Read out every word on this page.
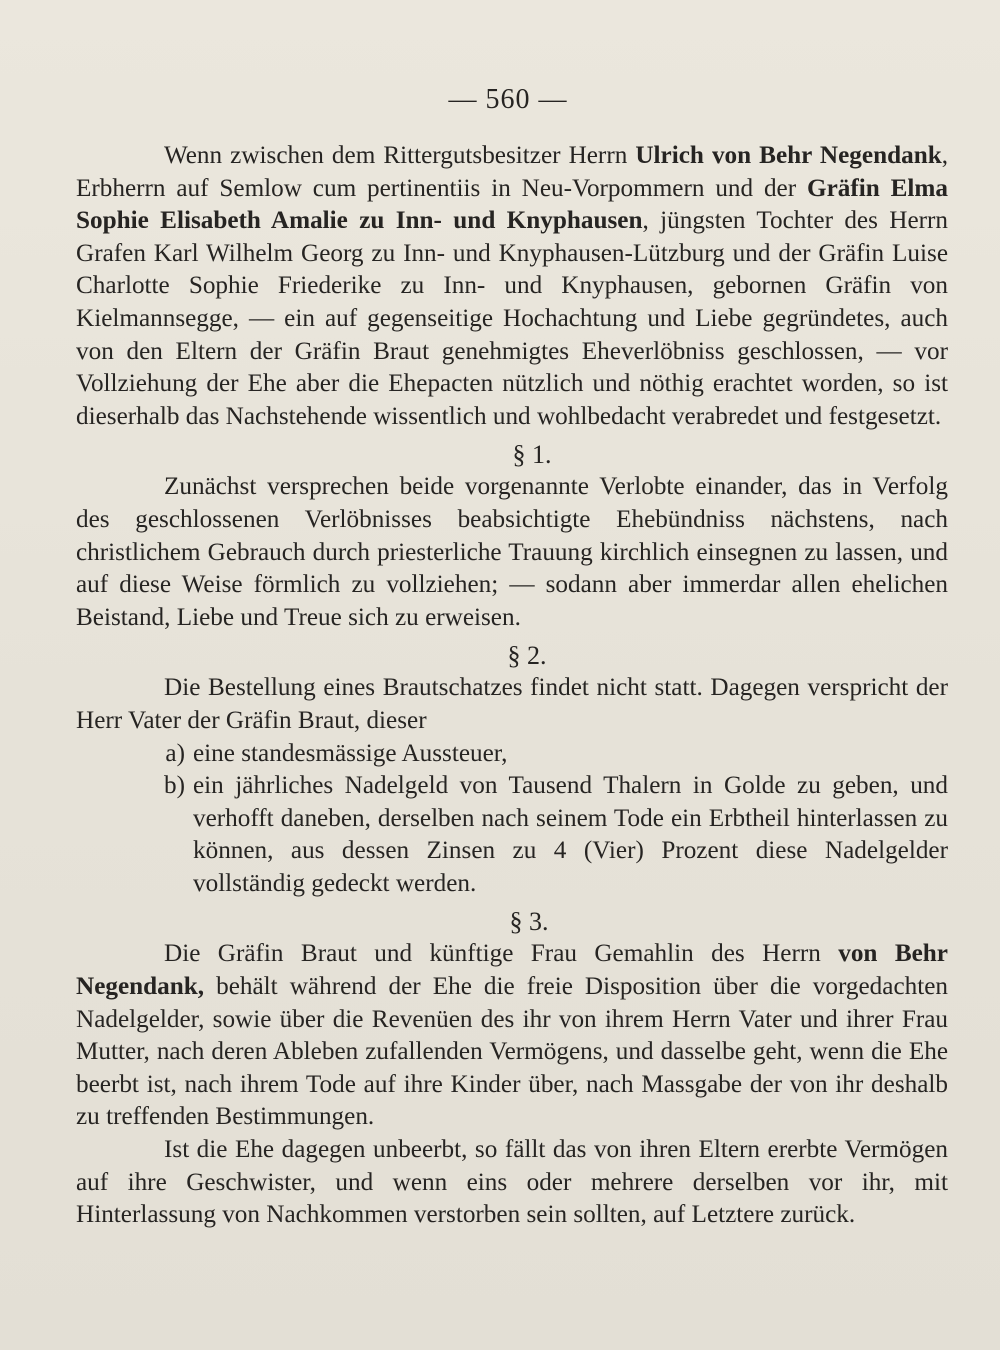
— 560 —

Wenn zwischen dem Rittergutsbesitzer Herrn Ulrich von Behr Negendank, Erbherrn auf Semlow cum pertinentiis in Neu-Vorpommern und der Gräfin Elma Sophie Elisabeth Amalie zu Inn- und Knyphausen, jüngsten Tochter des Herrn Grafen Karl Wilhelm Georg zu Inn- und Knyphausen-Lützburg und der Gräfin Luise Charlotte Sophie Friederike zu Inn- und Knyphausen, gebornen Gräfin von Kielmannsegge, — ein auf gegenseitige Hochachtung und Liebe gegründetes, auch von den Eltern der Gräfin Braut genehmigtes Eheverlöbniss geschlossen, — vor Vollziehung der Ehe aber die Ehepacten nützlich und nöthig erachtet worden, so ist dieserhalb das Nachstehende wissentlich und wohlbedacht verabredet und festgesetzt.

§ 1.

Zunächst versprechen beide vorgenannte Verlobte einander, das in Verfolg des geschlossenen Verlöbnisses beabsichtigte Ehebündniss nächstens, nach christlichem Gebrauch durch priesterliche Trauung kirchlich einsegnen zu lassen, und auf diese Weise förmlich zu vollziehen; — sodann aber immerdar allen ehelichen Beistand, Liebe und Treue sich zu erweisen.

§ 2.

Die Bestellung eines Brautschatzes findet nicht statt. Dagegen verspricht der Herr Vater der Gräfin Braut, dieser

a) eine standesmässige Aussteuer,
b) ein jährliches Nadelgeld von Tausend Thalern in Golde zu geben, und verhofft daneben, derselben nach seinem Tode ein Erbtheil hinterlassen zu können, aus dessen Zinsen zu 4 (Vier) Prozent diese Nadelgelder vollständig gedeckt werden.
§ 3.

Die Gräfin Braut und künftige Frau Gemahlin des Herrn von Behr Negendank, behält während der Ehe die freie Disposition über die vorgedachten Nadelgelder, sowie über die Revenüen des ihr von ihrem Herrn Vater und ihrer Frau Mutter, nach deren Ableben zufallenden Vermögens, und dasselbe geht, wenn die Ehe beerbt ist, nach ihrem Tode auf ihre Kinder über, nach Massgabe der von ihr deshalb zu treffenden Bestimmungen.

Ist die Ehe dagegen unbeerbt, so fällt das von ihren Eltern ererbte Vermögen auf ihre Geschwister, und wenn eins oder mehrere derselben vor ihr, mit Hinterlassung von Nachkommen verstorben sein sollten, auf Letztere zurück.
